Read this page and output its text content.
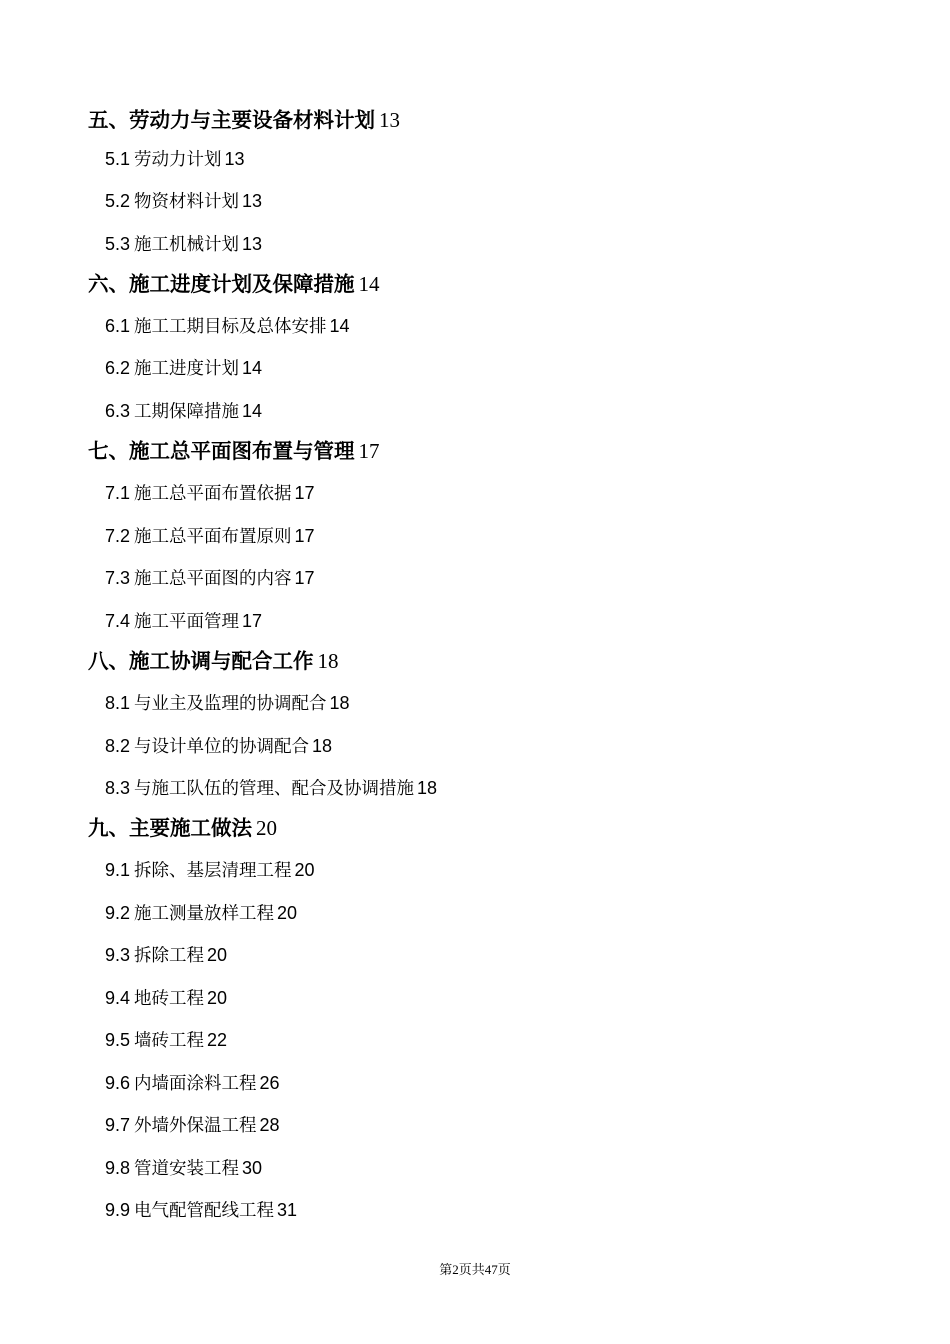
五、劳动力与主要设备材料计划 13
5.1 劳动力计划 13
5.2 物资材料计划 13
5.3 施工机械计划 13
六、施工进度计划及保障措施 14
6.1 施工工期目标及总体安排 14
6.2 施工进度计划 14
6.3 工期保障措施 14
七、施工总平面图布置与管理 17
7.1 施工总平面布置依据 17
7.2 施工总平面布置原则 17
7.3 施工总平面图的内容 17
7.4 施工平面管理 17
八、施工协调与配合工作 18
8.1 与业主及监理的协调配合 18
8.2 与设计单位的协调配合 18
8.3 与施工队伍的管理、配合及协调措施 18
九、主要施工做法 20
9.1 拆除、基层清理工程 20
9.2 施工测量放样工程 20
9.3 拆除工程 20
9.4 地砖工程 20
9.5 墙砖工程 22
9.6 内墙面涂料工程 26
9.7 外墙外保温工程 28
9.8 管道安装工程 30
9.9 电气配管配线工程 31
第2页共47页
